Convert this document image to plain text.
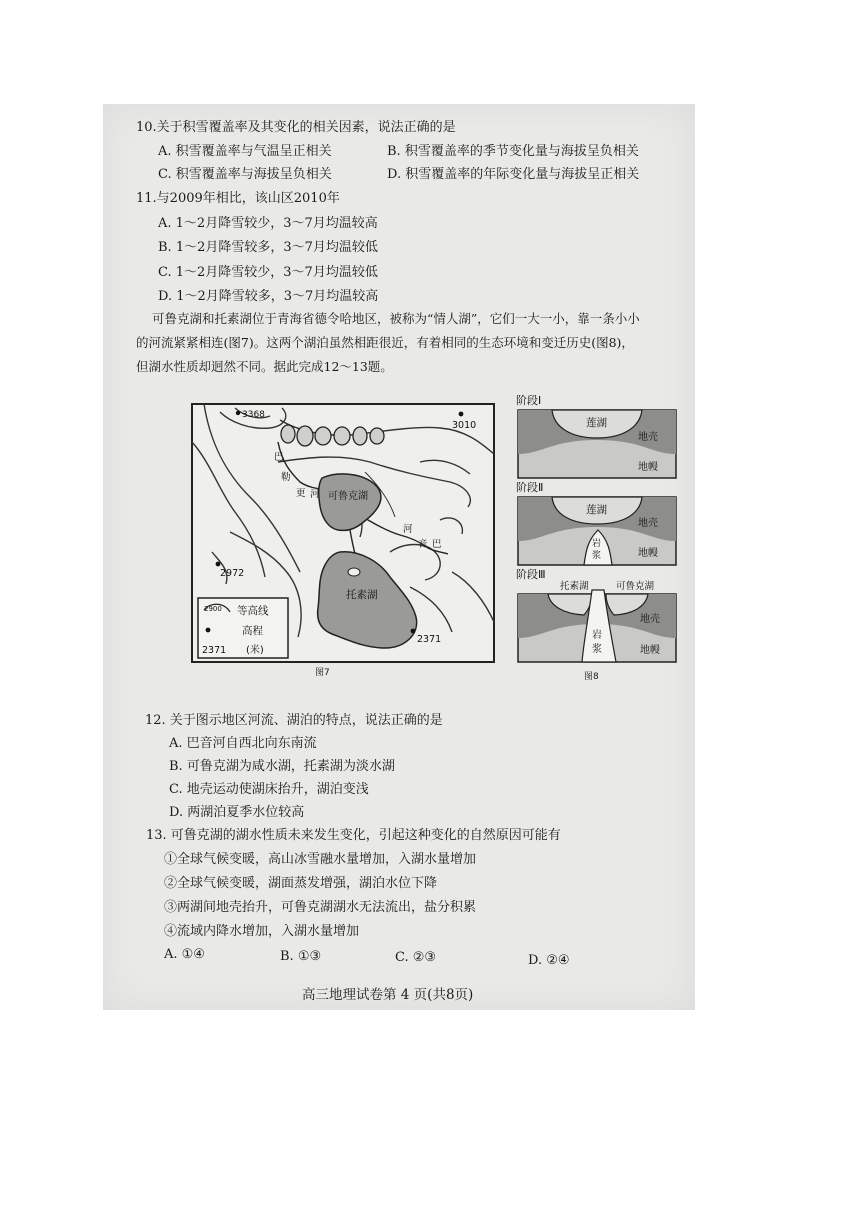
10.关于积雪覆盖率及其变化的相关因素，说法正确的是
A. 积雪覆盖率与气温呈正相关	B. 积雪覆盖率的季节变化量与海拔呈负相关
C. 积雪覆盖率与海拔呈负相关	D. 积雪覆盖率的年际变化量与海拔呈正相关
11.与2009年相比，该山区2010年
A. 1～2月降雪较少，3～7月均温较高
B. 1～2月降雪较多，3～7月均温较低
C. 1～2月降雪较少，3～7月均温较低
D. 1～2月降雪较多，3～7月均温较高
可鲁克湖和托素湖位于青海省德令哈地区，被称为“情人湖”，它们一大一小，靠一条小小
的河流紧紧相连(图7)。这两个湖泊虽然相距很近，有着相同的生态环境和变迁历史(图8)，
但湖水性质却迥然不同。据此完成12～13题。
3368
3010
2972
2371
巴
勒
更 河
河
音 巴
可鲁克湖
托素湖
2900 等高线
高程
2371 (米)
图7
阶段Ⅰ
莲湖
地壳
地幔
阶段Ⅱ
莲湖
地壳
岩
浆	地幔
阶段Ⅲ
托素湖	可鲁克湖
岩
浆
地壳
地幔
图8
12. 关于图示地区河流、湖泊的特点，说法正确的是
A. 巴音河自西北向东南流
B. 可鲁克湖为咸水湖，托素湖为淡水湖
C. 地壳运动使湖床抬升，湖泊变浅
D. 两湖泊夏季水位较高
13. 可鲁克湖的湖水性质未来发生变化，引起这种变化的自然原因可能有
①全球气候变暖，高山冰雪融水量增加，入湖水量增加
②全球气候变暖，湖面蒸发增强，湖泊水位下降
③两湖间地壳抬升，可鲁克湖湖水无法流出，盐分积累
④流域内降水增加，入湖水量增加
A. ①④	B. ①③	C. ②③	D. ②④
高三地理试卷第 4 页(共8页)
